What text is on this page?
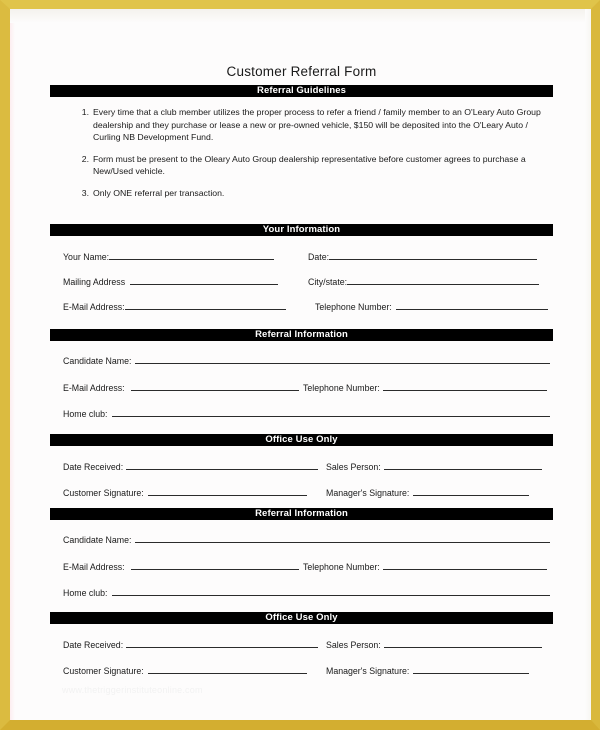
Customer Referral Form
Referral Guidelines
1. Every time that a club member utilizes the proper process to refer a friend / family member to an O'Leary Auto Group dealership and they purchase or lease a new or pre-owned vehicle, $150 will be deposited into the O'Leary Auto / Curling NB Development Fund.
2. Form must be present to the Oleary Auto Group dealership representative before customer agrees to purchase a New/Used vehicle.
3. Only ONE referral per transaction.
Your Information
Your Name:	Date:
Mailing Address	City/state:
E-Mail Address:	Telephone Number:
Referral Information
Candidate Name:
E-Mail Address:	Telephone Number:
Home club:
Office Use Only
Date Received:	Sales Person:
Customer Signature:	Manager's Signature:
Referral Information
Candidate Name:
E-Mail Address:	Telephone Number:
Home club:
Office Use Only
Date Received:	Sales Person:
Customer Signature:	Manager's Signature:
www.thetriggerinstituteonline.com
